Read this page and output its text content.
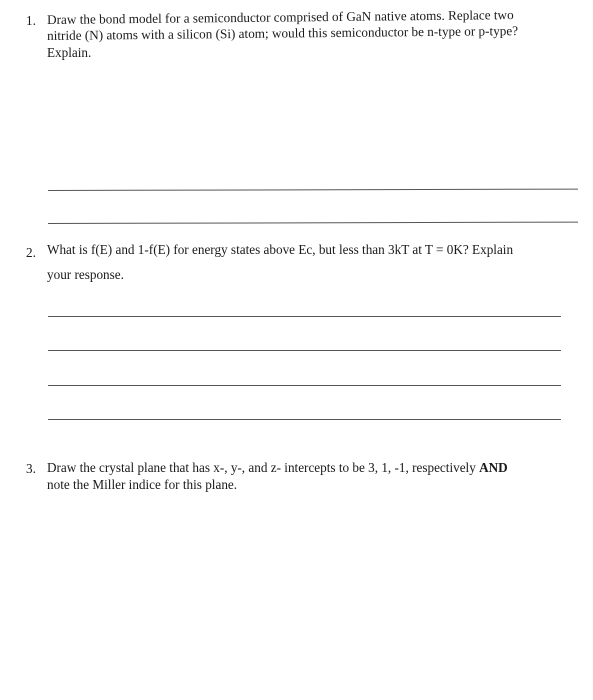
1. Draw the bond model for a semiconductor comprised of GaN native atoms. Replace two
nitride (N) atoms with a silicon (Si) atom; would this semiconductor be n-type or p-type?
Explain.
2. What is f(E) and 1-f(E) for energy states above Ec, but less than 3kT at T = 0K? Explain
your response.
3. Draw the crystal plane that has x-, y-, and z- intercepts to be 3, 1, -1, respectively AND
note the Miller indice for this plane.
